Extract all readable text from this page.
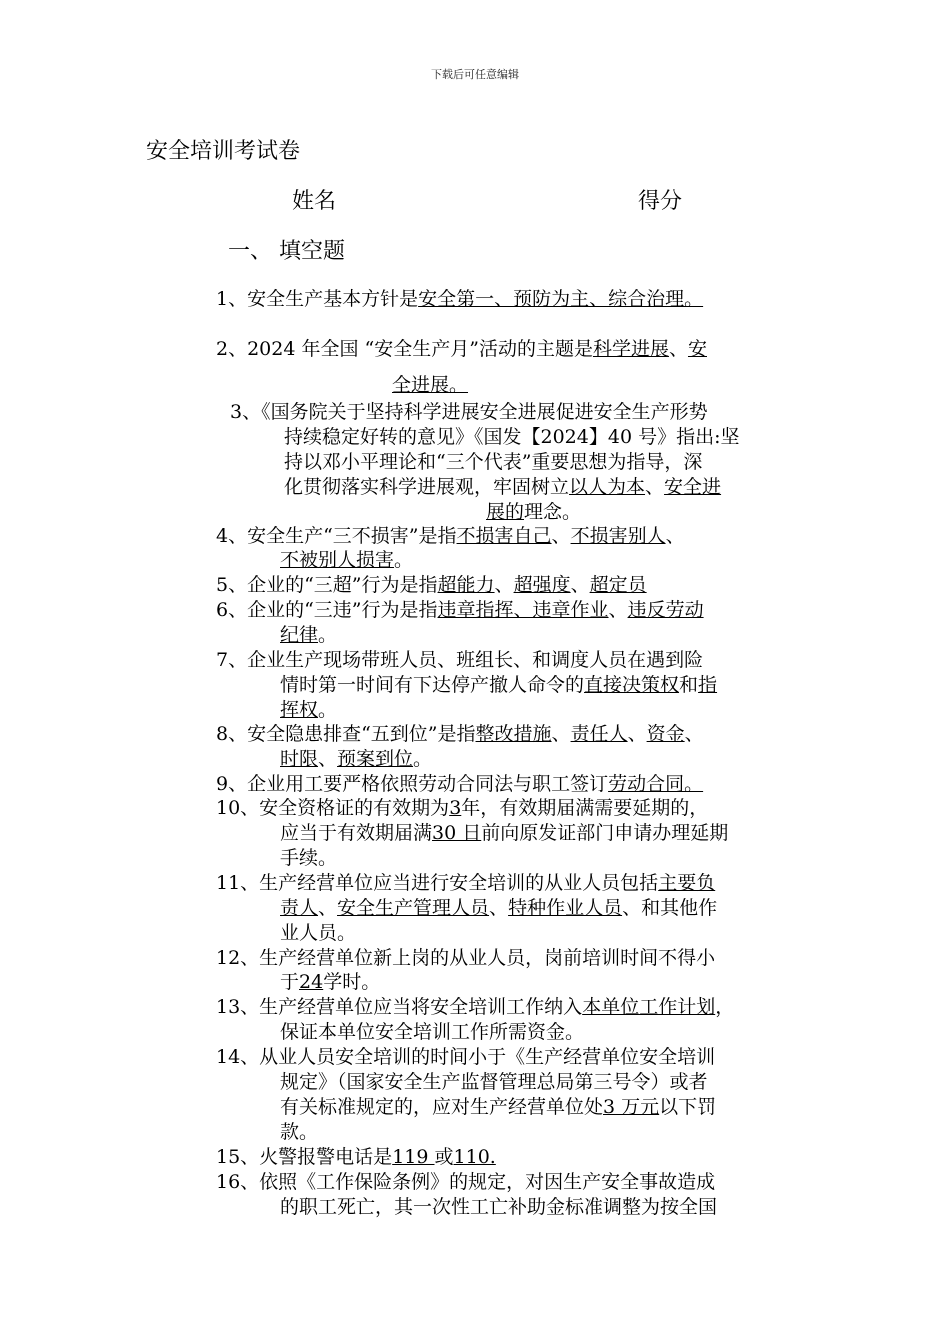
下载后可任意编辑
安全培训考试卷
姓名	得分
一、 填空题
1、安全生产基本方针是安全第一、预防为主、综合治理。
2、2024 年全国 “安全生产月”活动的主题是科学进展、安
全进展。
3、《国务院关于坚持科学进展安全进展促进安全生产形势
持续稳定好转的意见》《国发【2024】40 号》指出:坚
持以邓小平理论和“三个代表”重要思想为指导，深
化贯彻落实科学进展观，牢固树立以人为本、安全进
展的理念。
4、安全生产“三不损害”是指不损害自己、不损害别人、
不被别人损害。
5、企业的“三超”行为是指超能力、超强度、超定员
6、企业的“三违”行为是指违章指挥、违章作业、违反劳动
纪律。
7、企业生产现场带班人员、班组长、和调度人员在遇到险
情时第一时间有下达停产撤人命令的直接决策权和指
挥权。
8、安全隐患排查“五到位”是指整改措施、责任人、资金、
时限、预案到位。
9、企业用工要严格依照劳动合同法与职工签订劳动合同。
10、安全资格证的有效期为3年，有效期届满需要延期的，
应当于有效期届满30 日前向原发证部门申请办理延期
手续。
11、生产经营单位应当进行安全培训的从业人员包括主要负
责人、安全生产管理人员、特种作业人员、和其他作
业人员。
12、生产经营单位新上岗的从业人员，岗前培训时间不得小
于24学时。
13、生产经营单位应当将安全培训工作纳入本单位工作计划，
保证本单位安全培训工作所需资金。
14、从业人员安全培训的时间小于《生产经营单位安全培训
规定》（国家安全生产监督管理总局第三号令）或者
有关标准规定的，应对生产经营单位处3 万元以下罚
款。
15、火警报警电话是119 或110.
16、依照《工作保险条例》的规定，对因生产安全事故造成
的职工死亡，其一次性工亡补助金标准调整为按全国
